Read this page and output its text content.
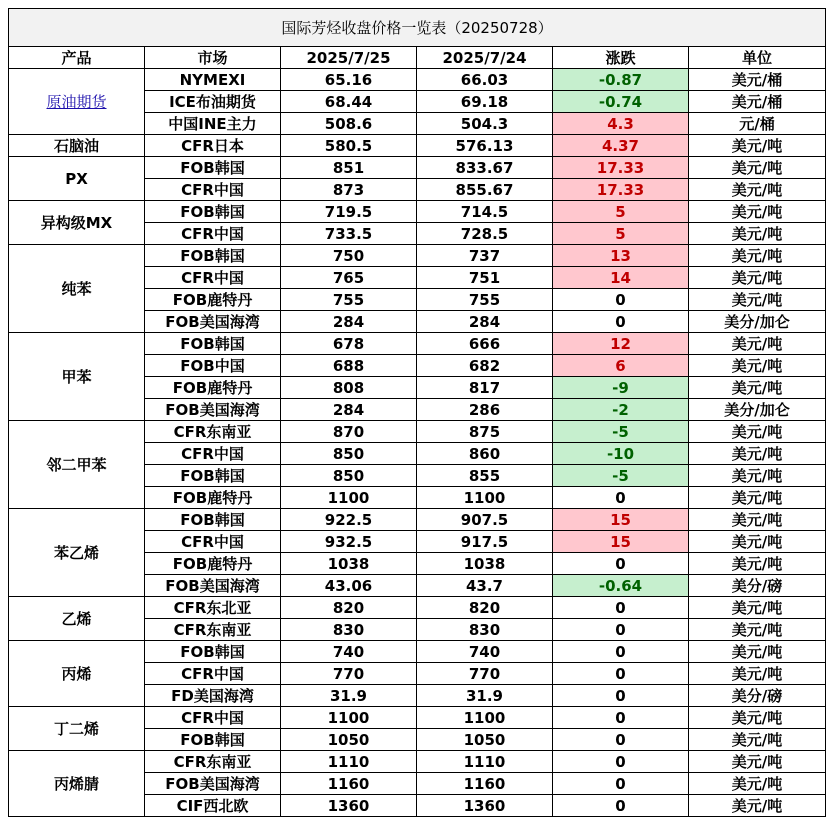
国际芳烃收盘价格一览表（20250728）					
产品	市场	2025/7/25	2025/7/24	涨跌	单位
原油期货	NYMEXI	65.16	66.03	-0.87	美元/桶
	ICE布油期货	68.44	69.18	-0.74	美元/桶
	中国INE主力	508.6	504.3	4.3	元/桶
石脑油	CFR日本	580.5	576.13	4.37	美元/吨
PX	FOB韩国	851	833.67	17.33	美元/吨
	CFR中国	873	855.67	17.33	美元/吨
异构级MX	FOB韩国	719.5	714.5	5	美元/吨
	CFR中国	733.5	728.5	5	美元/吨
纯苯	FOB韩国	750	737	13	美元/吨
	CFR中国	765	751	14	美元/吨
	FOB鹿特丹	755	755	0	美元/吨
	FOB美国海湾	284	284	0	美分/加仑
甲苯	FOB韩国	678	666	12	美元/吨
	FOB中国	688	682	6	美元/吨
	FOB鹿特丹	808	817	-9	美元/吨
	FOB美国海湾	284	286	-2	美分/加仑
邻二甲苯	CFR东南亚	870	875	-5	美元/吨
	CFR中国	850	860	-10	美元/吨
	FOB韩国	850	855	-5	美元/吨
	FOB鹿特丹	1100	1100	0	美元/吨
苯乙烯	FOB韩国	922.5	907.5	15	美元/吨
	CFR中国	932.5	917.5	15	美元/吨
	FOB鹿特丹	1038	1038	0	美元/吨
	FOB美国海湾	43.06	43.7	-0.64	美分/磅
乙烯	CFR东北亚	820	820	0	美元/吨
	CFR东南亚	830	830	0	美元/吨
丙烯	FOB韩国	740	740	0	美元/吨
	CFR中国	770	770	0	美元/吨
	FD美国海湾	31.9	31.9	0	美分/磅
丁二烯	CFR中国	1100	1100	0	美元/吨
	FOB韩国	1050	1050	0	美元/吨
丙烯腈	CFR东南亚	1110	1110	0	美元/吨
	FOB美国海湾	1160	1160	0	美元/吨
	CIF西北欧	1360	1360	0	美元/吨
